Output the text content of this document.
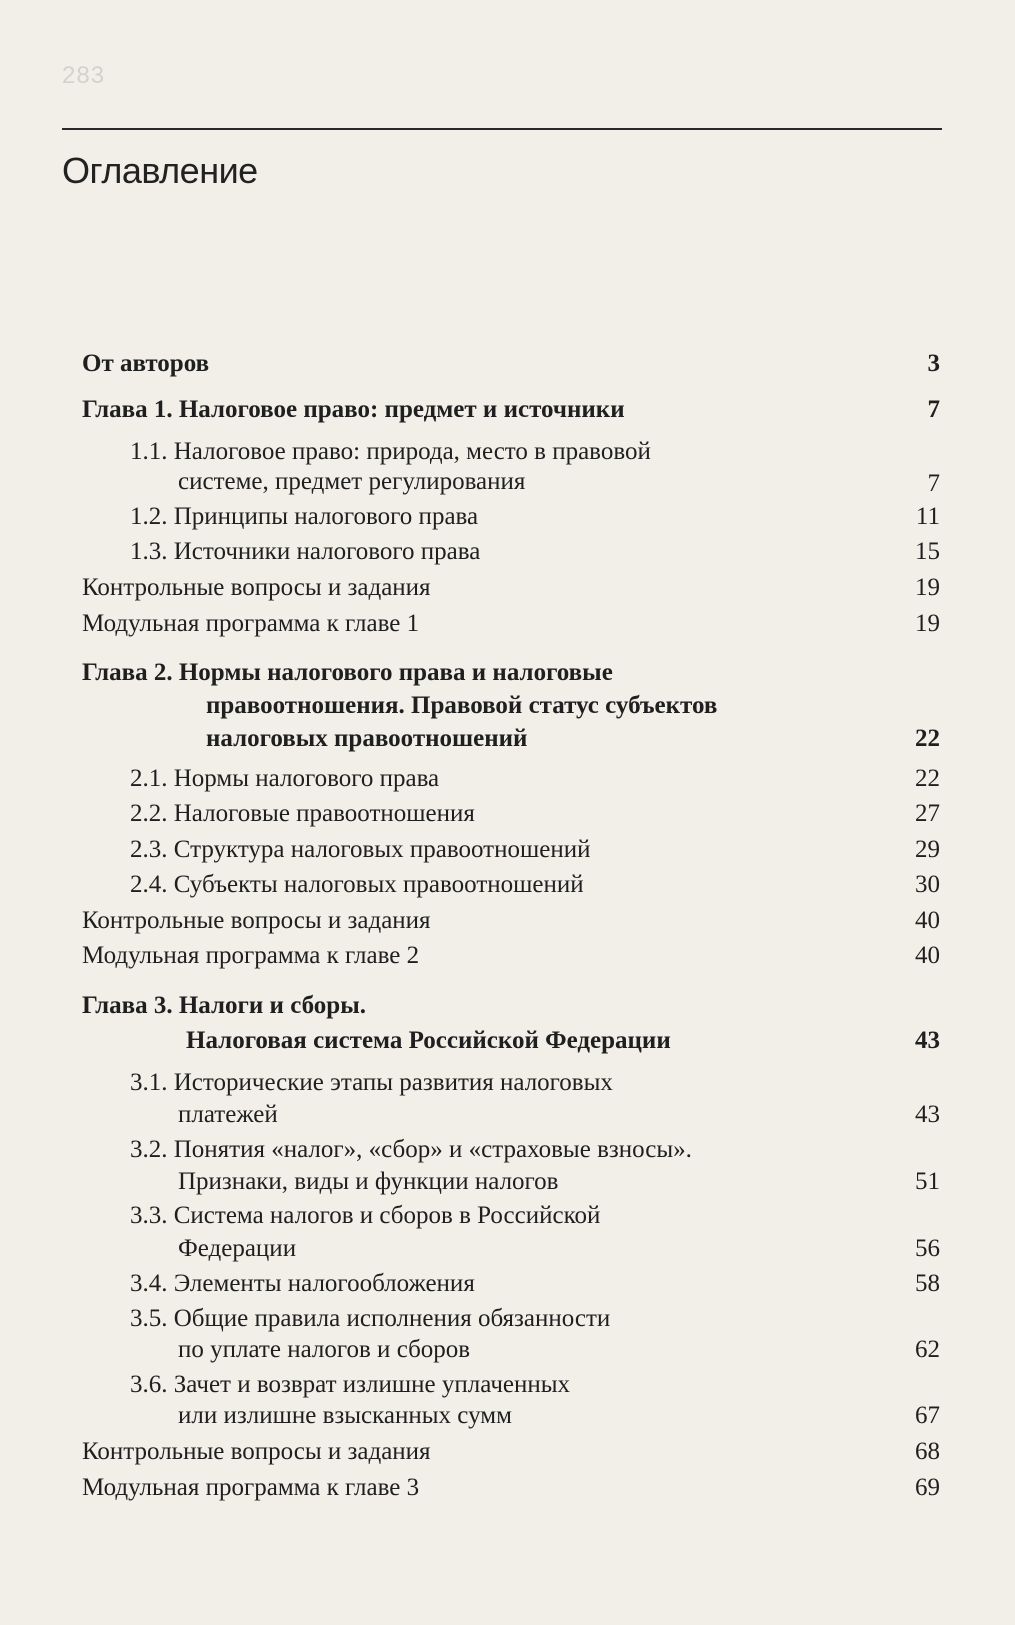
283
Оглавление
От авторов	3
Глава 1. Налоговое право: предмет и источники	7
1.1. Налоговое право: природа, место в правовой
системе, предмет регулирования	7
1.2. Принципы налогового права	11
1.3. Источники налогового права	15
Контрольные вопросы и задания	19
Модульная программа к главе 1	19
Глава 2. Нормы налогового права и налоговые
правоотношения. Правовой статус субъектов
налоговых правоотношений	22
2.1. Нормы налогового права	22
2.2. Налоговые правоотношения	27
2.3. Структура налоговых правоотношений	29
2.4. Субъекты налоговых правоотношений	30
Контрольные вопросы и задания	40
Модульная программа к главе 2	40
Глава 3. Налоги и сборы.
Налоговая система Российской Федерации	43
3.1. Исторические этапы развития налоговых
платежей	43
3.2. Понятия «налог», «сбор» и «страховые взносы».
Признаки, виды и функции налогов	51
3.3. Система налогов и сборов в Российской
Федерации	56
3.4. Элементы налогообложения	58
3.5. Общие правила исполнения обязанности
по уплате налогов и сборов	62
3.6. Зачет и возврат излишне уплаченных
или излишне взысканных сумм	67
Контрольные вопросы и задания	68
Модульная программа к главе 3	69
